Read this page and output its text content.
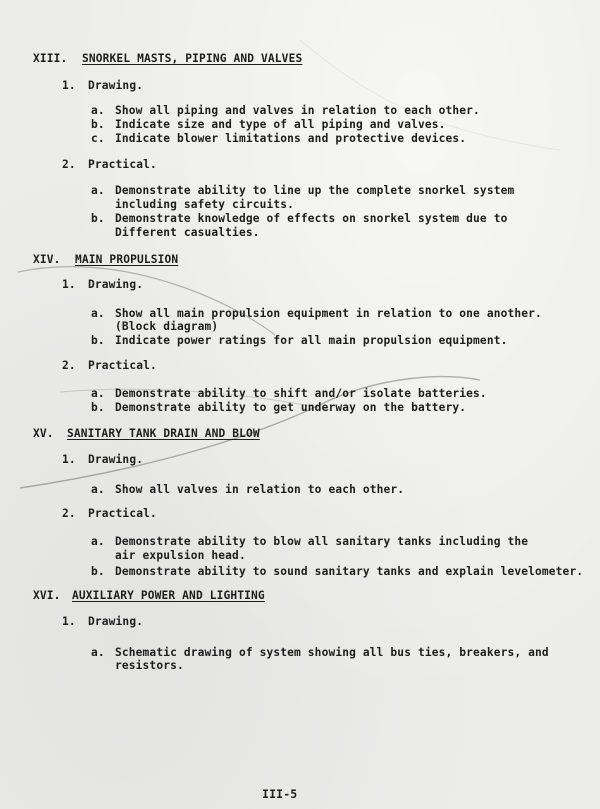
XIII. SNORKEL MASTS, PIPING AND VALVES
1. Drawing.
a. Show all piping and valves in relation to each other.
b. Indicate size and type of all piping and valves.
c. Indicate blower limitations and protective devices.
2. Practical.
a. Demonstrate ability to line up the complete snorkel system
including safety circuits.
b. Demonstrate knowledge of effects on snorkel system due to
Different casualties.
XIV. MAIN PROPULSION
1. Drawing.
a. Show all main propulsion equipment in relation to one another.
(Block diagram)
b. Indicate power ratings for all main propulsion equipment.
2. Practical.
a. Demonstrate ability to shift and/or isolate batteries.
b. Demonstrate ability to get underway on the battery.
XV. SANITARY TANK DRAIN AND BLOW
1. Drawing.
a. Show all valves in relation to each other.
2. Practical.
a. Demonstrate ability to blow all sanitary tanks including the
air expulsion head.
b. Demonstrate ability to sound sanitary tanks and explain levelometer.
XVI. AUXILIARY POWER AND LIGHTING
1. Drawing.
a. Schematic drawing of system showing all bus ties, breakers, and
resistors.
III-5
